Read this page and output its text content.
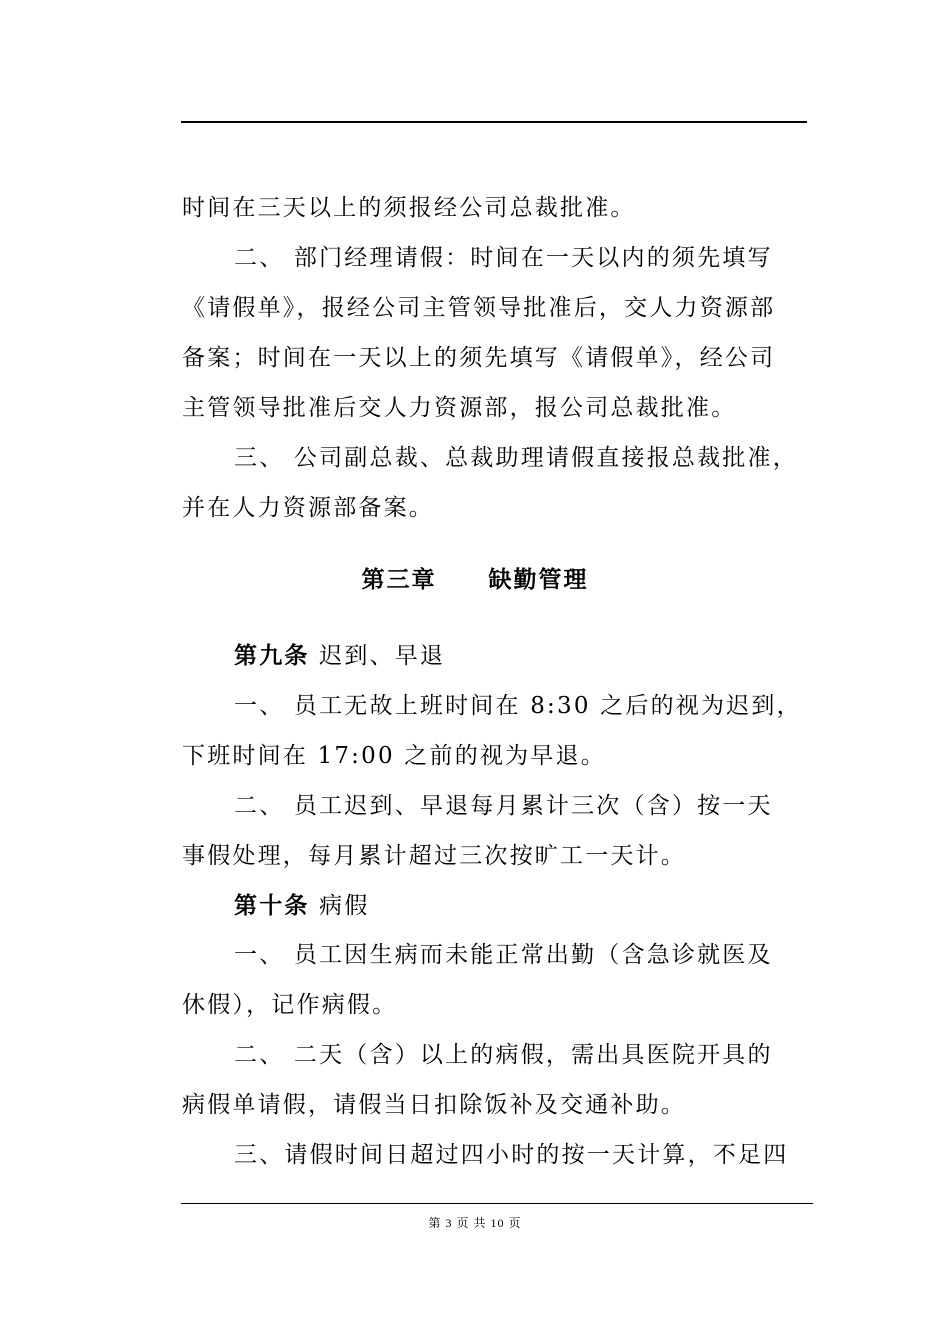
时间在三天以上的须报经公司总裁批准。
二、 部门经理请假：时间在一天以内的须先填写
《请假单》，报经公司主管领导批准后，交人力资源部
备案；时间在一天以上的须先填写《请假单》，经公司
主管领导批准后交人力资源部，报公司总裁批准。
三、 公司副总裁、总裁助理请假直接报总裁批准，
并在人力资源部备案。
第三章 缺勤管理
第九条 迟到、早退
一、 员工无故上班时间在 8:30 之后的视为迟到，
下班时间在 17:00 之前的视为早退。
二、 员工迟到、早退每月累计三次（含）按一天
事假处理，每月累计超过三次按旷工一天计。
第十条 病假
一、 员工因生病而未能正常出勤（含急诊就医及
休假），记作病假。
二、 二天（含）以上的病假，需出具医院开具的
病假单请假，请假当日扣除饭补及交通补助。
三、请假时间日超过四小时的按一天计算，不足四
第 3 页 共 10 页
